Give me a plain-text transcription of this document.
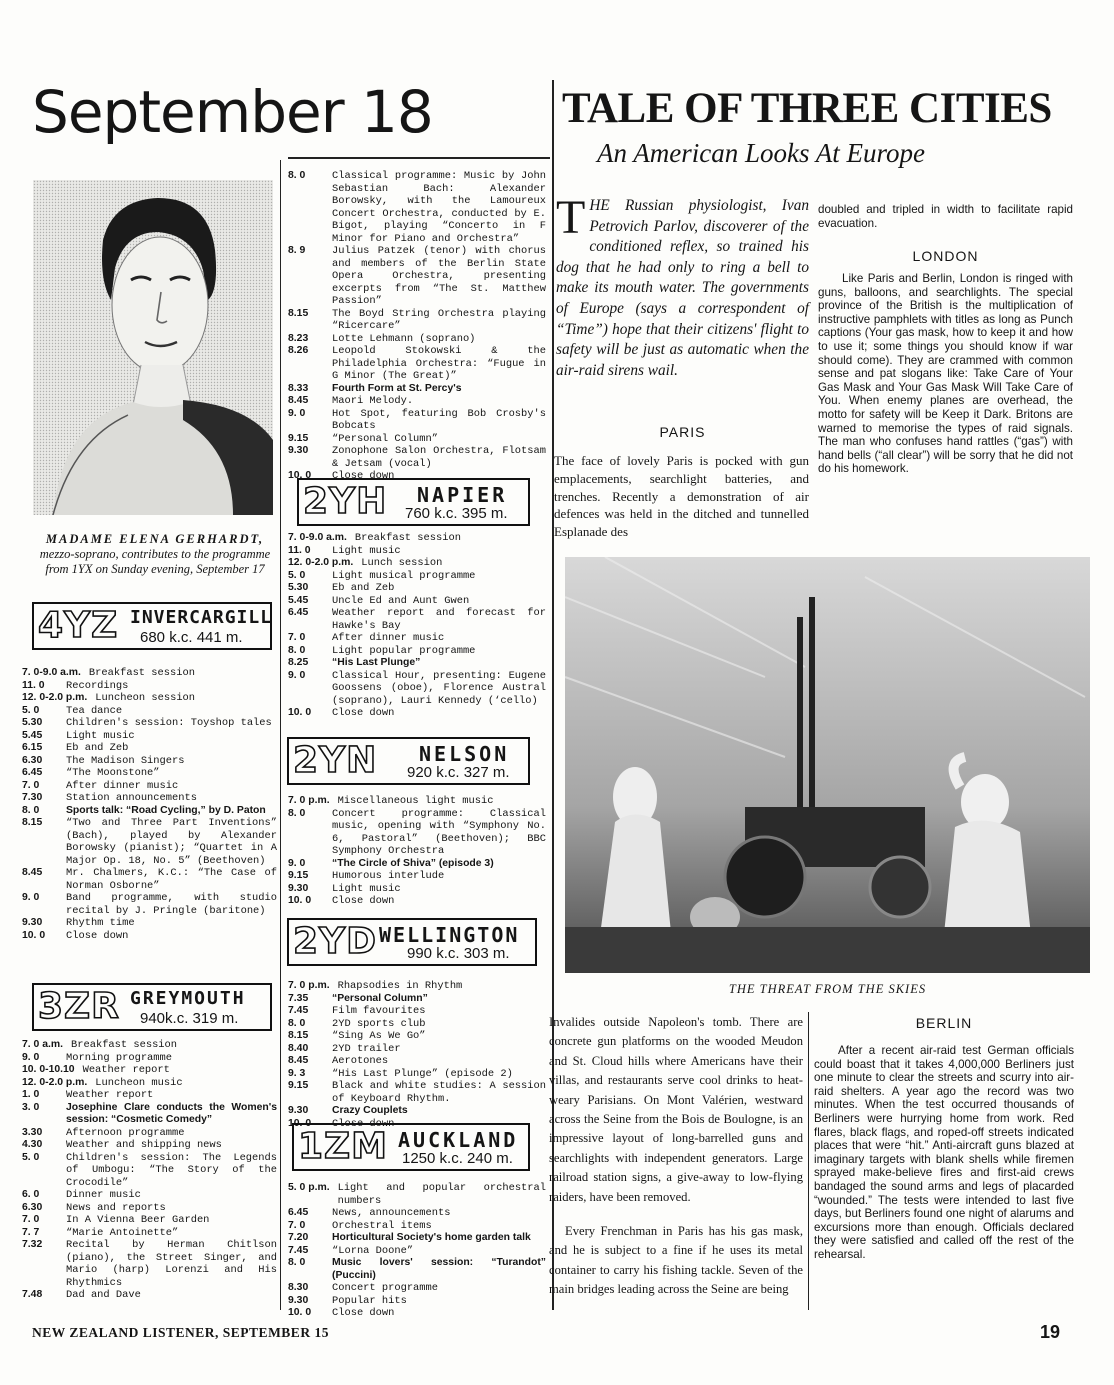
September 18
MADAME ELENA GERHARDT, mezzo-soprano, contributes to the programme from 1YX on Sunday evening, September 17
4YZ INVERCARGILL
680 k.c. 441 m.
7. 0-9.0 a.m. Breakfast session
11. 0	Recordings
12. 0-2.0 p.m. Luncheon session
5. 0	Tea dance
5.30	Children's session: Toyshop tales
5.45	Light music
6.15	Eb and Zeb
6.30	The Madison Singers
6.45	“The Moonstone”
7. 0	After dinner music
7.30	Station announcements
8. 0	Sports talk: “Road Cycling,” by D. Paton
8.15	“Two and Three Part Inventions” (Bach), played by Alexander Borowsky (pianist); “Quartet in A Major Op. 18, No. 5” (Beethoven)
8.45	Mr. Chalmers, K.C.: “The Case of Norman Osborne”
9. 0	Band programme, with studio recital by J. Pringle (baritone)
9.30	Rhythm time
10. 0	Close down
3ZR GREYMOUTH
940k.c. 319 m.
7. 0 a.m. Breakfast session
9. 0	Morning programme
10. 0-10.10 Weather report
12. 0-2.0 p.m. Luncheon music
1. 0	Weather report
3. 0	Josephine Clare conducts the Women's session: “Cosmetic Comedy”
3.30	Afternoon programme
4.30	Weather and shipping news
5. 0	Children's session: The Legends of Umbogu: “The Story of the Crocodile”
6. 0	Dinner music
6.30	News and reports
7. 0	In A Vienna Beer Garden
7. 7	“Marie Antoinette”
7.32	Recital by Herman Chitlson (piano), the Street Singer, and Mario (harp) Lorenzi and His Rhythmics
7.48	Dad and Dave
8. 0	Classical programme: Music by John Sebastian Bach: Alexander Borowsky, with the Lamoureux Concert Orchestra, conducted by E. Bigot, playing “Concerto in F Minor for Piano and Orchestra”
8. 9	Julius Patzek (tenor) with chorus and members of the Berlin State Opera Orchestra, presenting excerpts from “The St. Matthew Passion”
8.15	The Boyd String Orchestra playing “Ricercare”
8.23	Lotte Lehmann (soprano)
8.26	Leopold Stokowski & the Philadelphia Orchestra: “Fugue in G Minor (The Great)”
8.33	Fourth Form at St. Percy's
8.45	Maori Melody.
9. 0	Hot Spot, featuring Bob Crosby's Bobcats
9.15	“Personal Column”
9.30	Zonophone Salon Orchestra, Flotsam & Jetsam (vocal)
10. 0	Close down
2YH NAPIER
760 k.c. 395 m.
7. 0-9.0 a.m. Breakfast session
11. 0	Light music
12. 0-2.0 p.m. Lunch session
5. 0	Light musical programme
5.30	Eb and Zeb
5.45	Uncle Ed and Aunt Gwen
6.45	Weather report and forecast for Hawke's Bay
7. 0	After dinner music
8. 0	Light popular programme
8.25	“His Last Plunge”
9. 0	Classical Hour, presenting: Eugene Goossens (oboe), Florence Austral (soprano), Lauri Kennedy (‘cello)
10. 0	Close down
2YN NELSON
920 k.c. 327 m.
7. 0 p.m. Miscellaneous light music
8. 0	Concert programme: Classical music, opening with “Symphony No. 6, Pastoral” (Beethoven); BBC Symphony Orchestra
9. 0	“The Circle of Shiva” (episode 3)
9.15	Humorous interlude
9.30	Light music
10. 0	Close down
2YD WELLINGTON
990 k.c. 303 m.
7. 0 p.m. Rhapsodies in Rhythm
7.35	“Personal Column”
7.45	Film favourites
8. 0	2YD sports club
8.15	“Sing As We Go”
8.40	2YD trailer
8.45	Aerotones
9. 3	“His Last Plunge” (episode 2)
9.15	Black and white studies: A session of Keyboard Rhythm.
9.30	Crazy Couplets
10. 0	Close down
1ZM AUCKLAND
1250 k.c. 240 m.
5. 0 p.m. Light and popular orchestral numbers
6.45	News, announcements
7. 0	Orchestral items
7.20	Horticultural Society's home garden talk
7.45	“Lorna Doone”
8. 0	Music lovers' session: “Turandot” (Puccini)
8.30	Concert programme
9.30	Popular hits
10. 0	Close down
TALE OF THREE CITIES
An American Looks At Europe
THE Russian physiologist, Ivan Petrovich Parlov, discoverer of the conditioned reflex, so trained his dog that he had only to ring a bell to make its mouth water. The governments of Europe (says a correspondent of “Time”) hope that their citizens' flight to safety will be just as automatic when the air-raid sirens wail.
PARIS
The face of lovely Paris is pocked with gun emplacements, searchlight batteries, and trenches. Recently a demonstration of air defences was held in the ditched and tunnelled Esplanade des
doubled and tripled in width to facilitate rapid evacuation.
LONDON
Like Paris and Berlin, London is ringed with guns, balloons, and searchlights. The special province of the British is the multiplication of instructive pamphlets with titles as long as Punch captions (Your gas mask, how to keep it and how to use it; some things you should know if war should come). They are crammed with common sense and pat slogans like: Take Care of Your Gas Mask and Your Gas Mask Will Take Care of You. When enemy planes are overhead, the motto for safety will be Keep it Dark. Britons are warned to memorise the types of raid signals. The man who confuses hand rattles (“gas”) with hand bells (“all clear”) will be sorry that he did not do his homework.
THE THREAT FROM THE SKIES
Invalides outside Napoleon's tomb. There are concrete gun platforms on the wooded Meudon and St. Cloud hills where Americans have their villas, and restaurants serve cool drinks to heat-weary Parisians. On Mont Valérien, westward across the Seine from the Bois de Boulogne, is an impressive layout of long-barrelled guns and searchlights with independent generators. Large railroad station signs, a give-away to low-flying raiders, have been removed.
Every Frenchman in Paris has his gas mask, and he is subject to a fine if he uses its metal container to carry his fishing tackle. Seven of the main bridges leading across the Seine are being
BERLIN
After a recent air-raid test German officials could boast that it takes 4,000,000 Berliners just one minute to clear the streets and scurry into air-raid shelters. A year ago the record was two minutes. When the test occurred thousands of Berliners were hurrying home from work. Red flares, black flags, and roped-off streets indicated places that were “hit.” Anti-aircraft guns blazed at imaginary targets with blank shells while firemen sprayed make-believe fires and first-aid crews bandaged the sound arms and legs of placarded “wounded.” The tests were intended to last five days, but Berliners found one night of alarums and excursions more than enough. Officials declared they were satisfied and called off the rest of the rehearsal.
NEW ZEALAND LISTENER, SEPTEMBER 15	19
